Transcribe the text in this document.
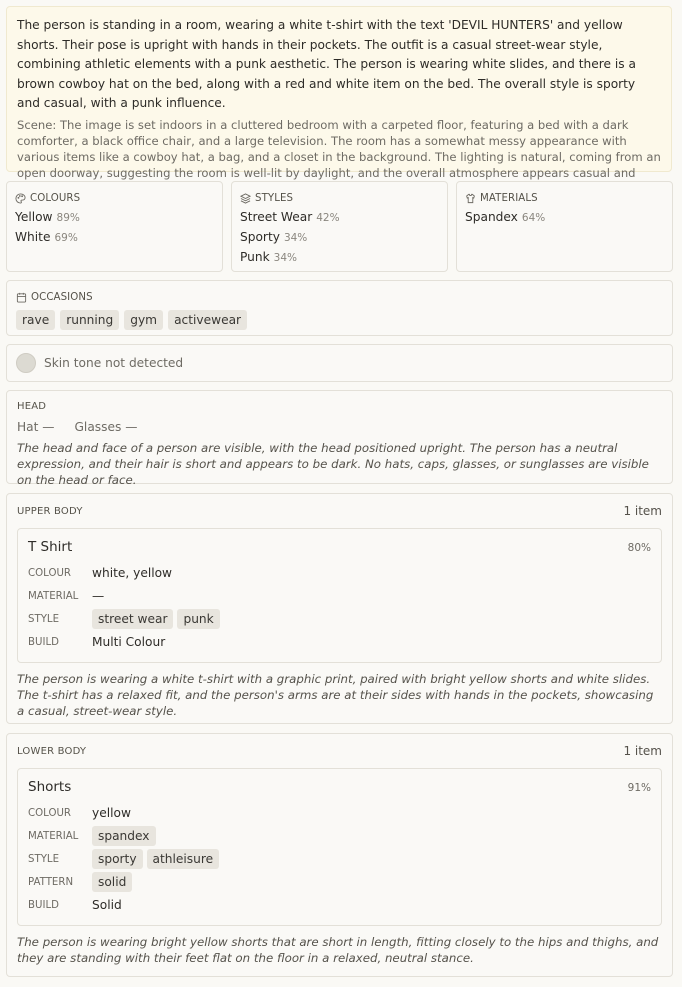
The person is standing in a room, wearing a white t-shirt with the text 'DEVIL HUNTERS' and yellow shorts. Their pose is upright with hands in their pockets. The outfit is a casual street-wear style, combining athletic elements with a punk aesthetic. The person is wearing white slides, and there is a brown cowboy hat on the bed, along with a red and white item on the bed. The overall style is sporty and casual, with a punk influence.

Scene: The image is set indoors in a cluttered bedroom with a carpeted floor, featuring a bed with a dark comforter, a black office chair, and a large television. The room has a somewhat messy appearance with various items like a cowboy hat, a bag, and a closet in the background. The lighting is natural, coming from an open doorway, suggesting the room is well-lit by daylight, and the overall atmosphere appears casual and

COLOURS
Yellow 89%
White 69%
STYLES
Street Wear 42%
Sporty 34%
Punk 34%
MATERIALS
Spandex 64%
OCCASIONS
rave	running	gym	activewear
Skin tone not detected
HEAD
Hat — Glasses —

The head and face of a person are visible, with the head positioned upright. The person has a neutral expression, and their hair is short and appears to be dark. No hats, caps, glasses, or sunglasses are visible on the head or face.

UPPER BODY	1 item
T Shirt	80%
COLOUR	white, yellow
MATERIAL	—
STYLE	street wear	punk
BUILD	Multi Colour

The person is wearing a white t-shirt with a graphic print, paired with bright yellow shorts and white slides. The t-shirt has a relaxed fit, and the person's arms are at their sides with hands in the pockets, showcasing a casual, street-wear style.

LOWER BODY	1 item
Shorts	91%
COLOUR	yellow
MATERIAL	spandex
STYLE	sporty	athleisure
PATTERN	solid
BUILD	Solid

The person is wearing bright yellow shorts that are short in length, fitting closely to the hips and thighs, and they are standing with their feet flat on the floor in a relaxed, neutral stance.
